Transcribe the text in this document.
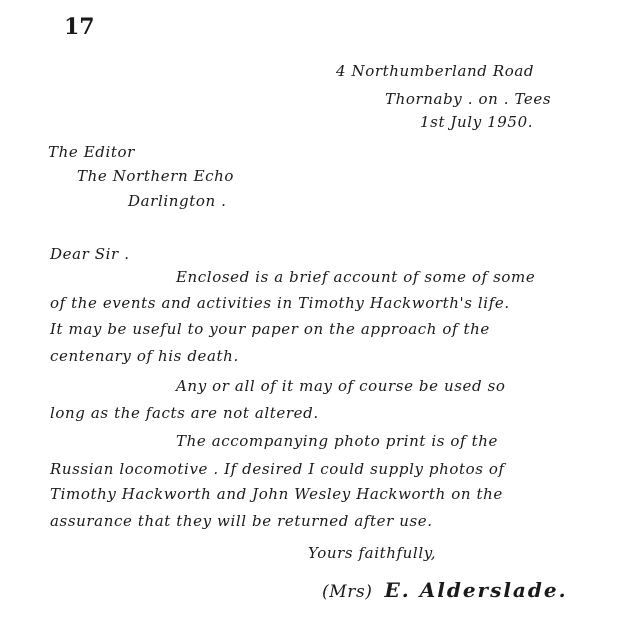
17
4 Northumberland Road
Thornaby . on . Tees
1st July 1950.
The Editor
The Northern Echo
Darlington .
Dear Sir .
Enclosed is a brief account of some of some
of the events and activities in Timothy Hackworth's life.
It may be useful to your paper on the approach of the
centenary of his death.
Any or all of it may of course be used so
long as the facts are not altered.
The accompanying photo print is of the
Russian locomotive . If desired I could supply photos of
Timothy Hackworth and John Wesley Hackworth on the
assurance that they will be returned after use.
Yours faithfully,
(Mrs) E. Alderslade.
